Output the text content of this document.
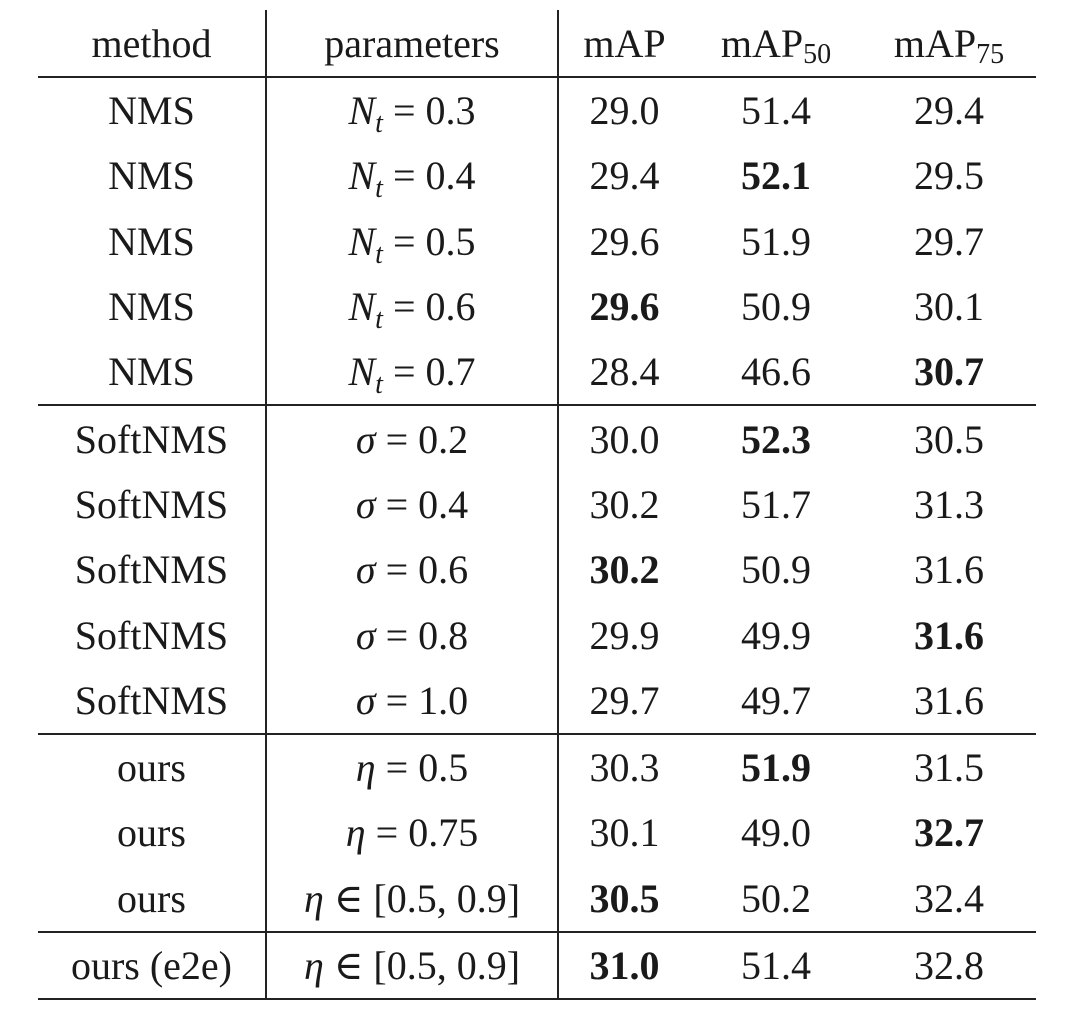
method	parameters	mAP	mAP50	mAP75
NMS	$N_t = 0.3$	29.0	51.4	29.4
NMS	$N_t = 0.4$	29.4	52.1	29.5
NMS	$N_t = 0.5$	29.6	51.9	29.7
NMS	$N_t = 0.6$	29.6	50.9	30.1
NMS	$N_t = 0.7$	28.4	46.6	30.7
SoftNMS	σ = 0.2	30.0	52.3	30.5
SoftNMS	σ = 0.4	30.2	51.7	31.3
SoftNMS	σ = 0.6	30.2	50.9	31.6
SoftNMS	σ = 0.8	29.9	49.9	31.6
SoftNMS	σ = 1.0	29.7	49.7	31.6
ours	η = 0.5	30.3	51.9	31.5
ours	η = 0.75	30.1	49.0	32.7
ours	η ∈ [0.5, 0.9]	30.5	50.2	32.4
ours (e2e)	η ∈ [0.5, 0.9]	31.0	51.4	32.8
